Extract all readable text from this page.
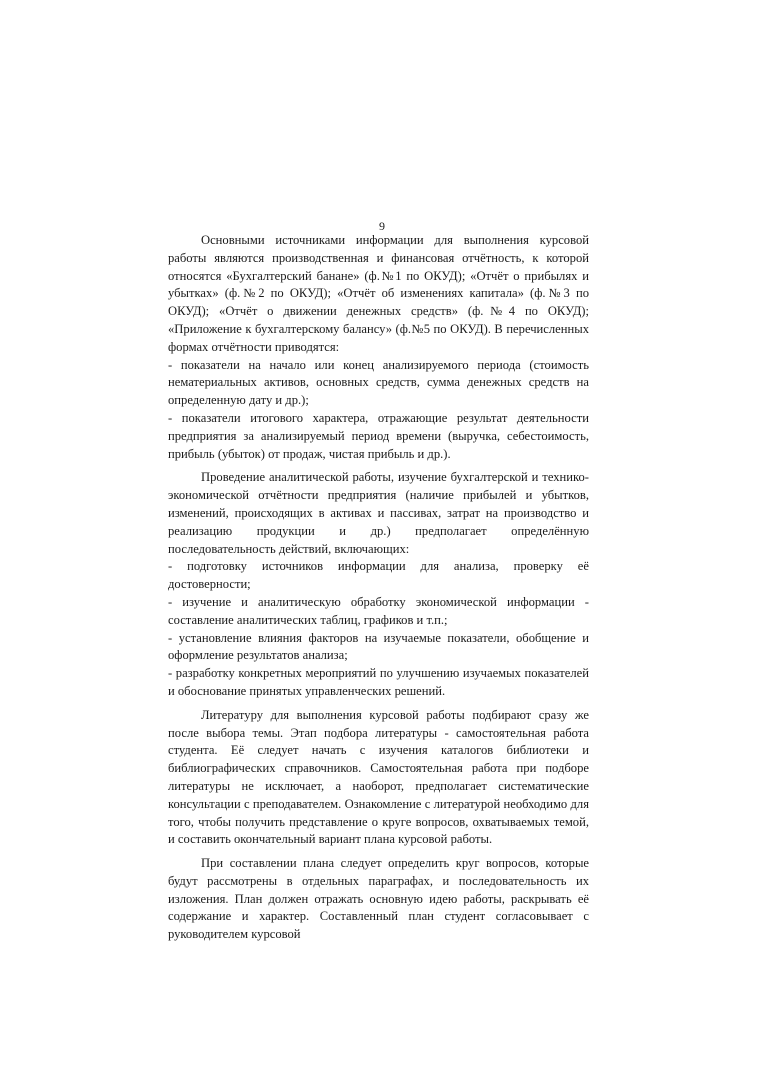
9

Основными источниками информации для выполнения курсовой работы являются производственная и финансовая отчётность, к которой относятся «Бухгалтерский банане» (ф.№1 по ОКУД); «Отчёт о прибылях и убытках» (ф.№2 по ОКУД); «Отчёт об изменениях капитала» (ф.№3 по ОКУД); «Отчёт о движении денежных средств» (ф.№4 по ОКУД); «Приложение к бухгалтерскому балансу» (ф.№5 по ОКУД). В перечисленных формах отчётности приводятся:

- показатели на начало или конец анализируемого периода (стоимость нематериальных активов, основных средств, сумма денежных средств на определенную дату и др.);

- показатели итогового характера, отражающие результат деятельности предприятия за анализируемый период времени (выручка, себестоимость, прибыль (убыток) от продаж, чистая прибыль и др.).

Проведение аналитической работы, изучение бухгалтерской и технико-экономической отчётности предприятия (наличие прибылей и убытков, изменений, происходящих в активах и пассивах, затрат на производство и реализацию продукции и др.) предполагает определённую последовательность действий, включающих:

- подготовку источников информации для анализа, проверку её достоверности;

- изучение и аналитическую обработку экономической информации - составление аналитических таблиц, графиков и т.п.;

- установление влияния факторов на изучаемые показатели, обобщение и оформление результатов анализа;

- разработку конкретных мероприятий по улучшению изучаемых показателей и обоснование принятых управленческих решений.

Литературу для выполнения курсовой работы подбирают сразу же после выбора темы. Этап подбора литературы - самостоятельная работа студента. Её следует начать с изучения каталогов библиотеки и библиографических справочников. Самостоятельная работа при подборе литературы не исключает, а наоборот, предполагает систематические консультации с преподавателем. Ознакомление с литературой необходимо для того, чтобы получить представление о круге вопросов, охватываемых темой, и составить окончательный вариант плана курсовой работы.

При составлении плана следует определить круг вопросов, которые будут рассмотрены в отдельных параграфах, и последовательность их изложения. План должен отражать основную идею работы, раскрывать её содержание и характер. Составленный план студент согласовывает с руководителем курсовой
